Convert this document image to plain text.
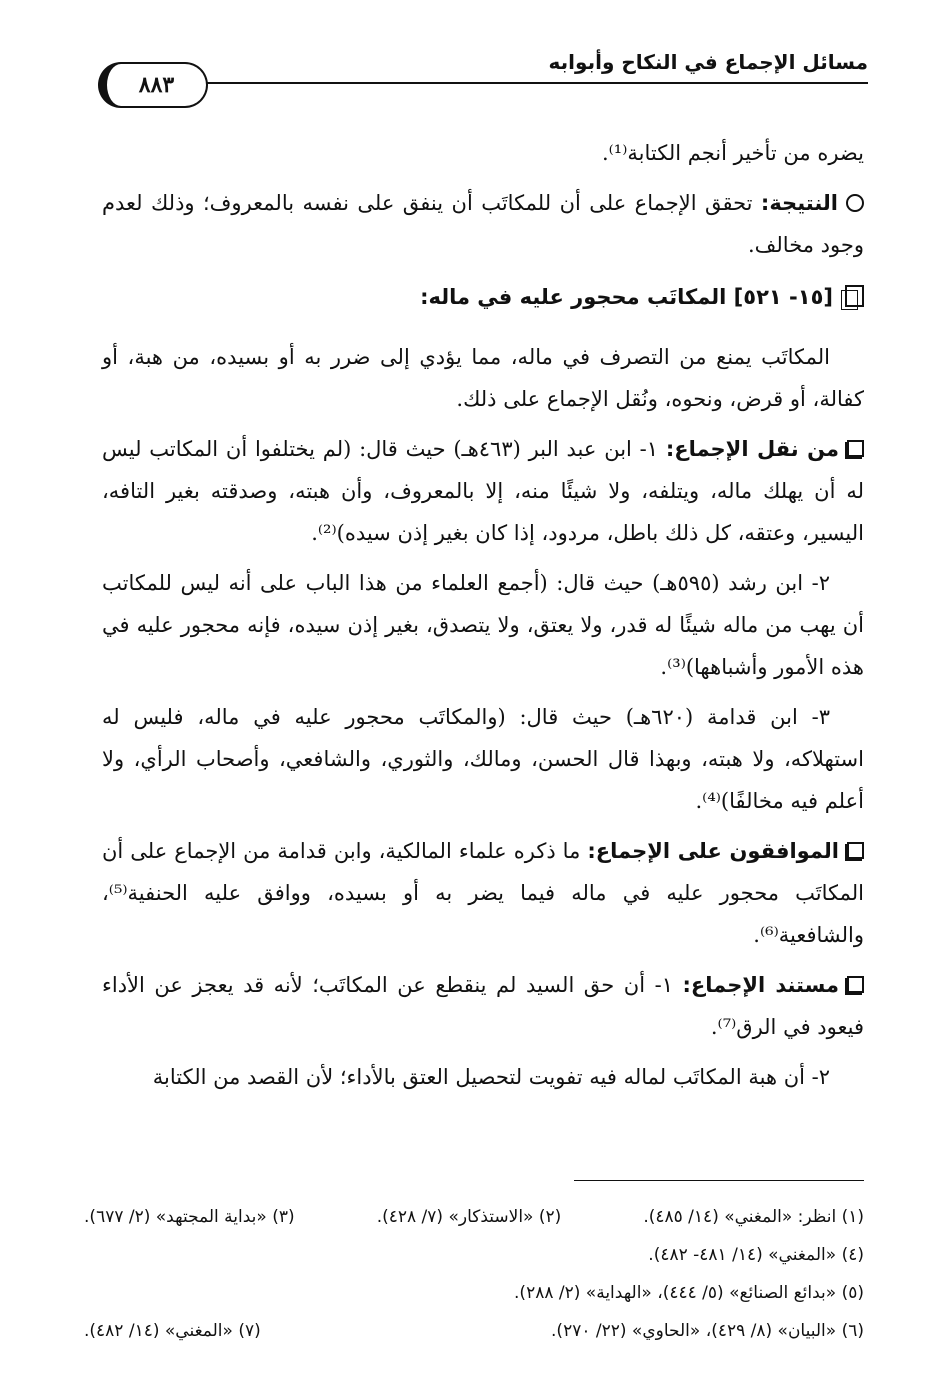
مسائل الإجماع في النكاح وأبوابه
٨٨٣

يضره من تأخير أنجم الكتابة⁽¹⁾.

النتيجة: تحقق الإجماع على أن للمكاتَب أن ينفق على نفسه بالمعروف؛ وذلك لعدم وجود مخالف.

[١٥- ٥٢١] المكاتَب محجور عليه في ماله:

المكاتَب يمنع من التصرف في ماله، مما يؤدي إلى ضرر به أو بسيده، من هبة، أو كفالة، أو قرض، ونحوه، ونُقل الإجماع على ذلك.

من نقل الإجماع: ١- ابن عبد البر (٤٦٣هـ) حيث قال: (لم يختلفوا أن المكاتب ليس له أن يهلك ماله، ويتلفه، ولا شيئًا منه، إلا بالمعروف، وأن هبته، وصدقته بغير التافه، اليسير، وعتقه، كل ذلك باطل، مردود، إذا كان بغير إذن سيده)⁽²⁾.

٢- ابن رشد (٥٩٥هـ) حيث قال: (أجمع العلماء من هذا الباب على أنه ليس للمكاتب أن يهب من ماله شيئًا له قدر، ولا يعتق، ولا يتصدق، بغير إذن سيده، فإنه محجور عليه في هذه الأمور وأشباهها)⁽³⁾.

٣- ابن قدامة (٦٢٠هـ) حيث قال: (والمكاتَب محجور عليه في ماله، فليس له استهلاكه، ولا هبته، وبهذا قال الحسن، ومالك، والثوري، والشافعي، وأصحاب الرأي، ولا أعلم فيه مخالفًا)⁽⁴⁾.

الموافقون على الإجماع: ما ذكره علماء المالكية، وابن قدامة من الإجماع على أن المكاتَب محجور عليه في ماله فيما يضر به أو بسيده، ووافق عليه الحنفية⁽⁵⁾، والشافعية⁽⁶⁾.

مستند الإجماع: ١- أن حق السيد لم ينقطع عن المكاتَب؛ لأنه قد يعجز عن الأداء فيعود في الرق⁽⁷⁾.

٢- أن هبة المكاتَب لماله فيه تفويت لتحصيل العتق بالأداء؛ لأن القصد من الكتابة

(١) انظر: «المغني» (١٤/ ٤٨٥).
(٢) «الاستذكار» (٧/ ٤٢٨).
(٣) «بداية المجتهد» (٢/ ٦٧٧).
(٤) «المغني» (١٤/ ٤٨١- ٤٨٢).
(٥) «بدائع الصنائع» (٥/ ٤٤٤)، «الهداية» (٢/ ٢٨٨).
(٦) «البيان» (٨/ ٤٢٩)، «الحاوي» (٢٢/ ٢٧٠).
(٧) «المغني» (١٤/ ٤٨٢).
